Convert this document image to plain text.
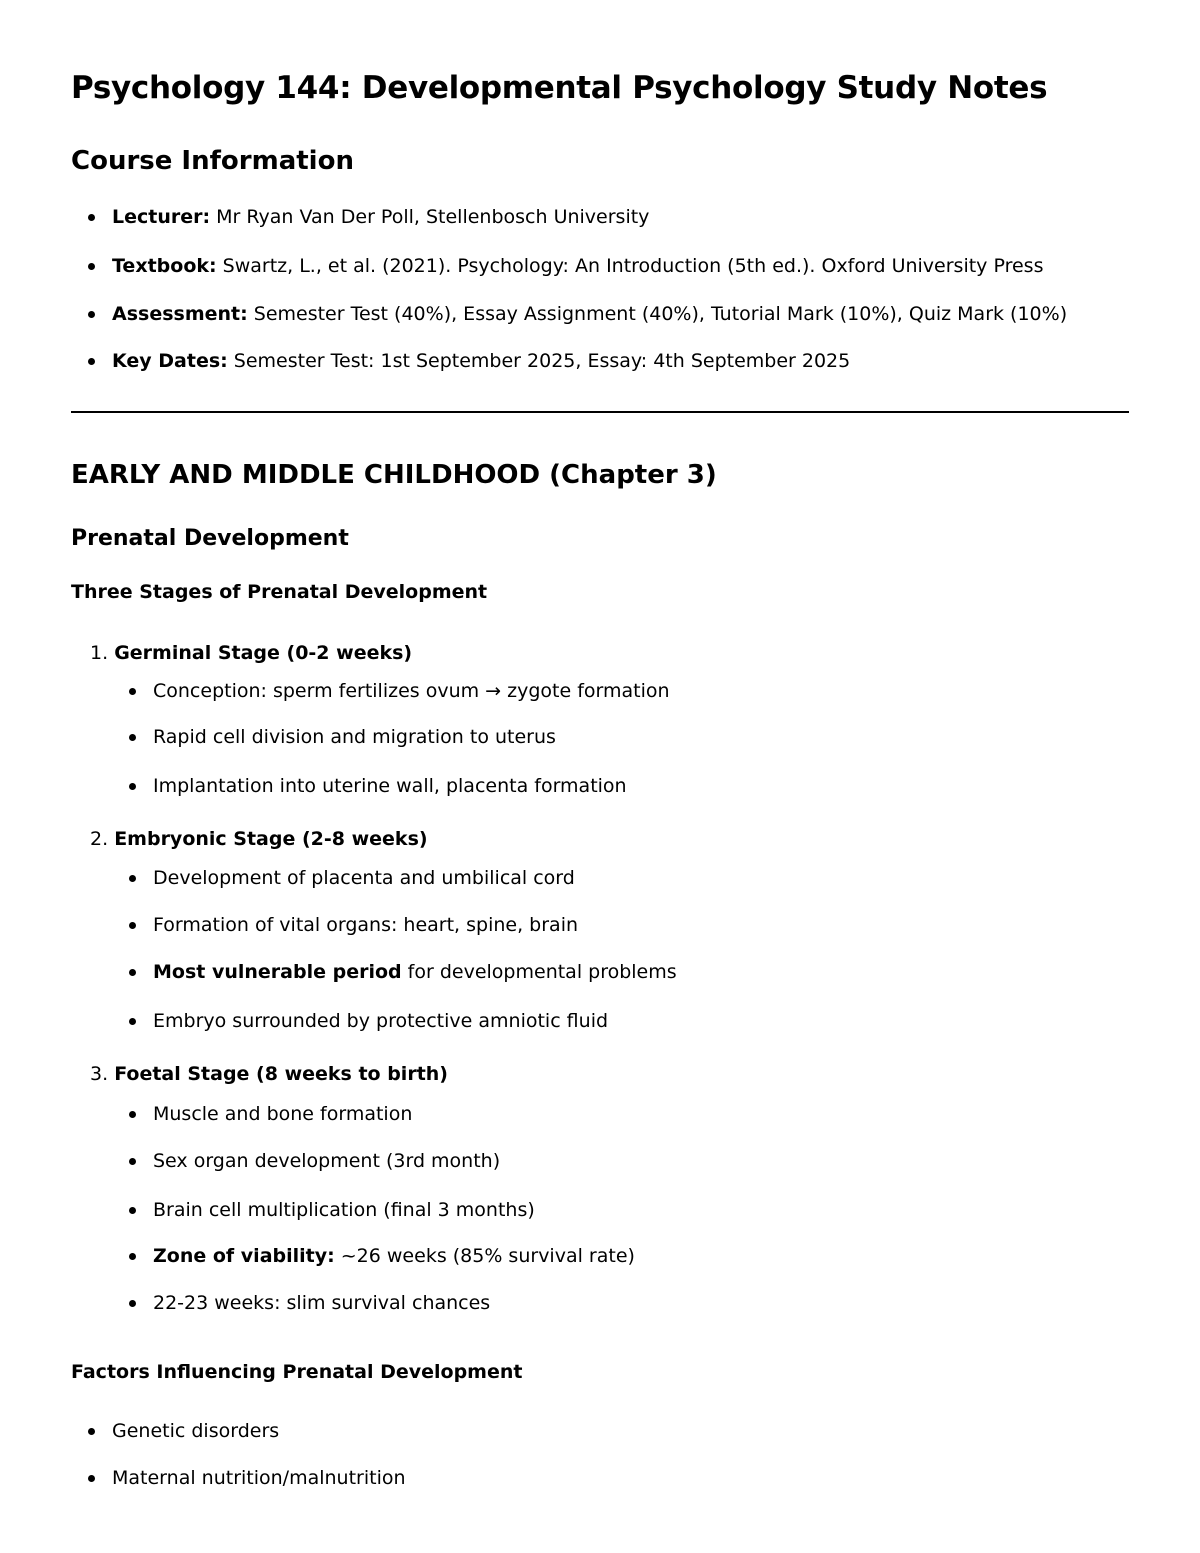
Psychology 144: Developmental Psychology Study Notes
Course Information
Lecturer: Mr Ryan Van Der Poll, Stellenbosch University
Textbook: Swartz, L., et al. (2021). Psychology: An Introduction (5th ed.). Oxford University Press
Assessment: Semester Test (40%), Essay Assignment (40%), Tutorial Mark (10%), Quiz Mark (10%)
Key Dates: Semester Test: 1st September 2025, Essay: 4th September 2025
EARLY AND MIDDLE CHILDHOOD (Chapter 3)
Prenatal Development
Three Stages of Prenatal Development
1. Germinal Stage (0-2 weeks)
Conception: sperm fertilizes ovum → zygote formation
Rapid cell division and migration to uterus
Implantation into uterine wall, placenta formation
2. Embryonic Stage (2-8 weeks)
Development of placenta and umbilical cord
Formation of vital organs: heart, spine, brain
Most vulnerable period for developmental problems
Embryo surrounded by protective amniotic fluid
3. Foetal Stage (8 weeks to birth)
Muscle and bone formation
Sex organ development (3rd month)
Brain cell multiplication (final 3 months)
Zone of viability: ~26 weeks (85% survival rate)
22-23 weeks: slim survival chances
Factors Influencing Prenatal Development
Genetic disorders
Maternal nutrition/malnutrition
